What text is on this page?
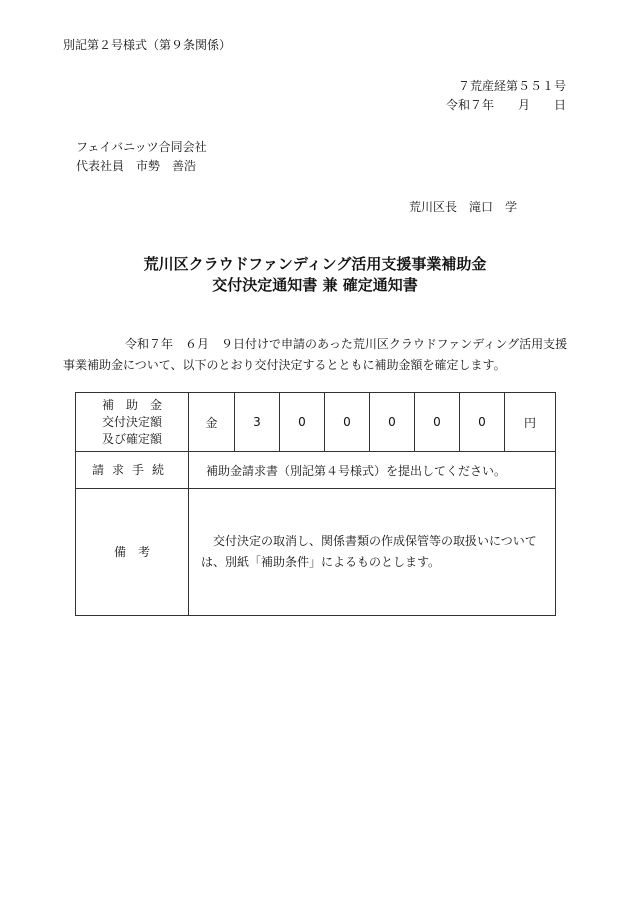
別記第２号様式（第９条関係）
７荒産経第５５１号
令和７年　　月　　日
フェイバニッツ合同会社
代表社員　市勢　善浩
荒川区長　滝口　学
荒川区クラウドファンディング活用支援事業補助金
交付決定通知書 兼 確定通知書
令和７年　６月　９日付けで申請のあった荒川区クラウドファンディング活用支援事業補助金について、以下のとおり交付決定するとともに補助金額を確定します。
補　助　金
交付決定額
及び確定額	金	3	0	0	0	0	0	円
請求手続	補助金請求書（別記第４号様式）を提出してください。							
備　考	　交付決定の取消し、関係書類の作成保管等の取扱いについては、別紙「補助条件」によるものとします。							
